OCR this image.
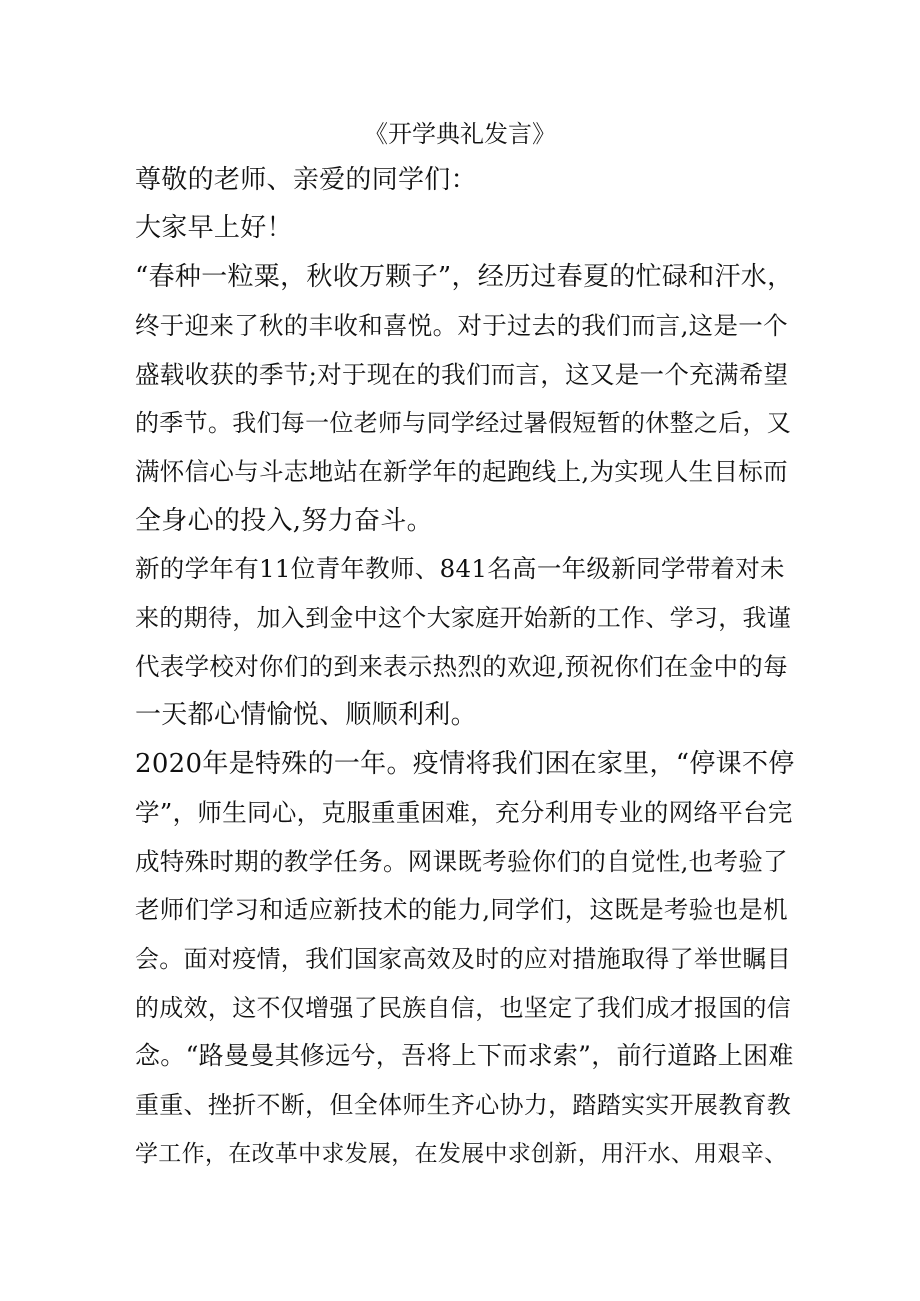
《开学典礼发言》
尊敬的老师、亲爱的同学们：
大家早上好！
“春种一粒粟，秋收万颗子”，经历过春夏的忙碌和汗水，
终于迎来了秋的丰收和喜悦。对于过去的我们而言,这是一个
盛载收获的季节;对于现在的我们而言，这又是一个充满希望
的季节。我们每一位老师与同学经过暑假短暂的休整之后，又
满怀信心与斗志地站在新学年的起跑线上,为实现人生目标而
全身心的投入,努力奋斗。
新的学年有11位青年教师、841名高一年级新同学带着对未
来的期待，加入到金中这个大家庭开始新的工作、学习，我谨
代表学校对你们的到来表示热烈的欢迎,预祝你们在金中的每
一天都心情愉悦、顺顺利利。
2020年是特殊的一年。疫情将我们困在家里，“停课不停
学”，师生同心，克服重重困难，充分利用专业的网络平台完
成特殊时期的教学任务。网课既考验你们的自觉性,也考验了
老师们学习和适应新技术的能力,同学们，这既是考验也是机
会。面对疫情，我们国家高效及时的应对措施取得了举世瞩目
的成效，这不仅增强了民族自信，也坚定了我们成才报国的信
念。“路曼曼其修远兮，吾将上下而求索”，前行道路上困难
重重、挫折不断，但全体师生齐心协力，踏踏实实开展教育教
学工作，在改革中求发展，在发展中求创新，用汗水、用艰辛、
